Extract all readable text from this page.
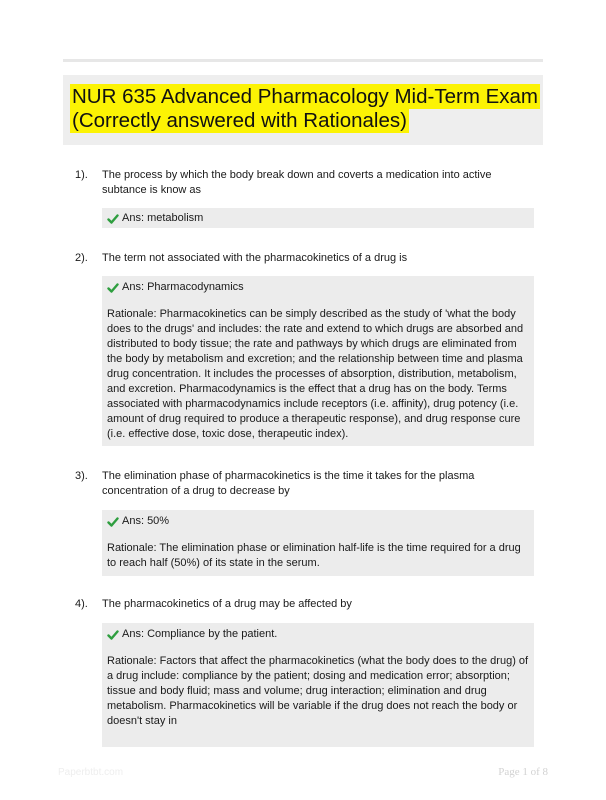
NUR 635 Advanced Pharmacology Mid-Term Exam (Correctly answered with Rationales)
1). The process by which the body break down and coverts a medication into active subtance is know as
Ans: metabolism
2). The term not associated with the pharmacokinetics of a drug is
Ans: Pharmacodynamics
Rationale: Pharmacokinetics can be simply described as the study of 'what the body does to the drugs' and includes: the rate and extend to which drugs are absorbed and distributed to body tissue; the rate and pathways by which drugs are eliminated from the body by metabolism and excretion; and the relationship between time and plasma drug concentration. It includes the processes of absorption, distribution, metabolism, and excretion. Pharmacodynamics is the effect that a drug has on the body. Terms associated with pharmacodynamics include receptors (i.e. affinity), drug potency (i.e. amount of drug required to produce a therapeutic response), and drug response cure (i.e. effective dose, toxic dose, therapeutic index).
3). The elimination phase of pharmacokinetics is the time it takes for the plasma concentration of a drug to decrease by
Ans: 50%
Rationale: The elimination phase or elimination half-life is the time required for a drug to reach half (50%) of its state in the serum.
4). The pharmacokinetics of a drug may be affected by
Ans: Compliance by the patient.
Rationale: Factors that affect the pharmacokinetics (what the body does to the drug) of a drug include: compliance by the patient; dosing and medication error; absorption; tissue and body fluid; mass and volume; drug interaction; elimination and drug metabolism. Pharmacokinetics will be variable if the drug does not reach the body or doesn't stay in
Paperbtbt.com	Page 1 of 8
